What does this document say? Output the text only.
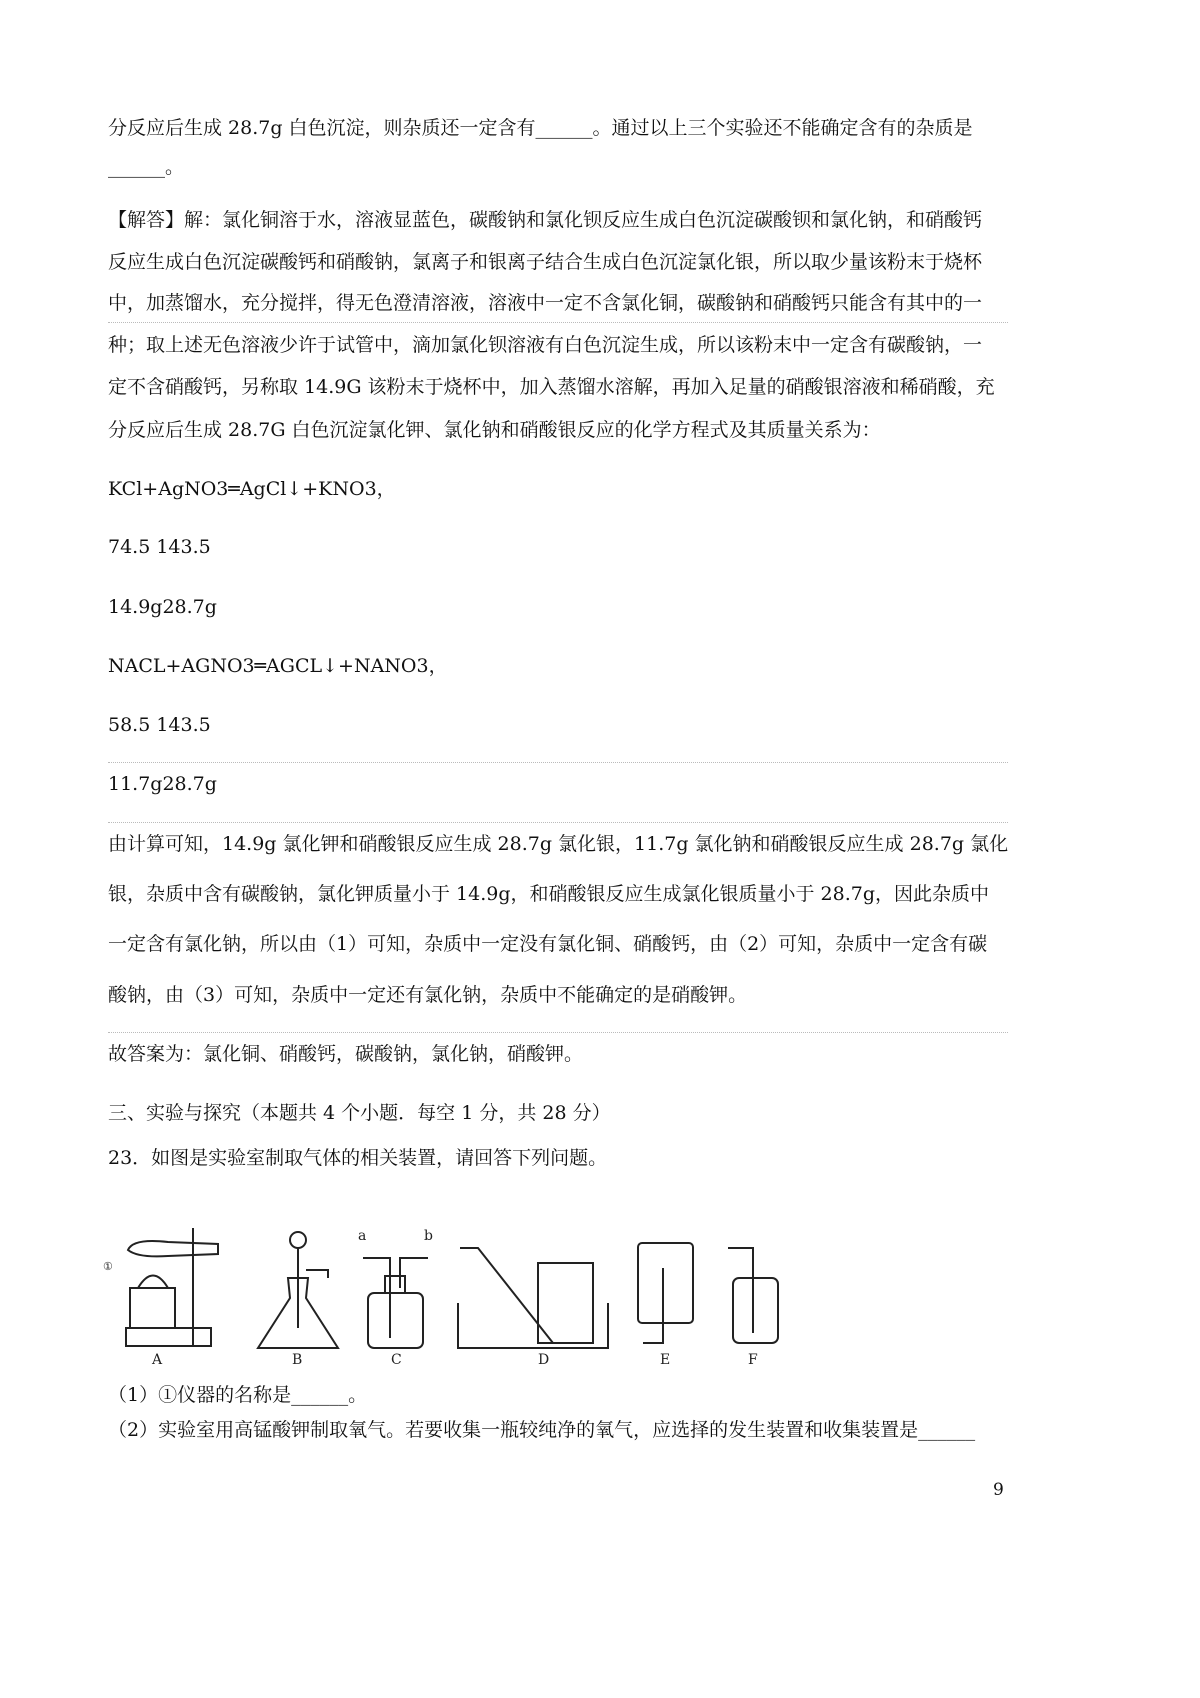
分反应后生成 28.7g 白色沉淀，则杂质还一定含有______。通过以上三个实验还不能确定含有的杂质是
______。
【解答】解：氯化铜溶于水，溶液显蓝色，碳酸钠和氯化钡反应生成白色沉淀碳酸钡和氯化钠，和硝酸钙
反应生成白色沉淀碳酸钙和硝酸钠，氯离子和银离子结合生成白色沉淀氯化银，所以取少量该粉末于烧杯
中，加蒸馏水，充分搅拌，得无色澄清溶液，溶液中一定不含氯化铜，碳酸钠和硝酸钙只能含有其中的一
种；取上述无色溶液少许于试管中，滴加氯化钡溶液有白色沉淀生成，所以该粉末中一定含有碳酸钠，一
定不含硝酸钙，另称取 14.9G 该粉末于烧杯中，加入蒸馏水溶解，再加入足量的硝酸银溶液和稀硝酸，充
分反应后生成 28.7G 白色沉淀氯化钾、氯化钠和硝酸银反应的化学方程式及其质量关系为：
KCl+AgNO3═AgCl↓+KNO3，
74.5 143.5
14.9g28.7g
NACL+AGNO3═AGCL↓+NANO3，
58.5 143.5
11.7g28.7g
由计算可知，14.9g 氯化钾和硝酸银反应生成 28.7g 氯化银，11.7g 氯化钠和硝酸银反应生成 28.7g 氯化
银，杂质中含有碳酸钠，氯化钾质量小于 14.9g，和硝酸银反应生成氯化银质量小于 28.7g，因此杂质中
一定含有氯化钠，所以由（1）可知，杂质中一定没有氯化铜、硝酸钙，由（2）可知，杂质中一定含有碳
酸钠，由（3）可知，杂质中一定还有氯化钠，杂质中不能确定的是硝酸钾。
故答案为：氯化铜、硝酸钙，碳酸钠，氯化钠，硝酸钾。
三、实验与探究（本题共 4 个小题．每空 1 分，共 28 分）
23．如图是实验室制取气体的相关装置，请回答下列问题。
A
①
B
a	b
C	D	E	F
（1）①仪器的名称是______。
（2）实验室用高锰酸钾制取氧气。若要收集一瓶较纯净的氧气，应选择的发生装置和收集装置是______
9
